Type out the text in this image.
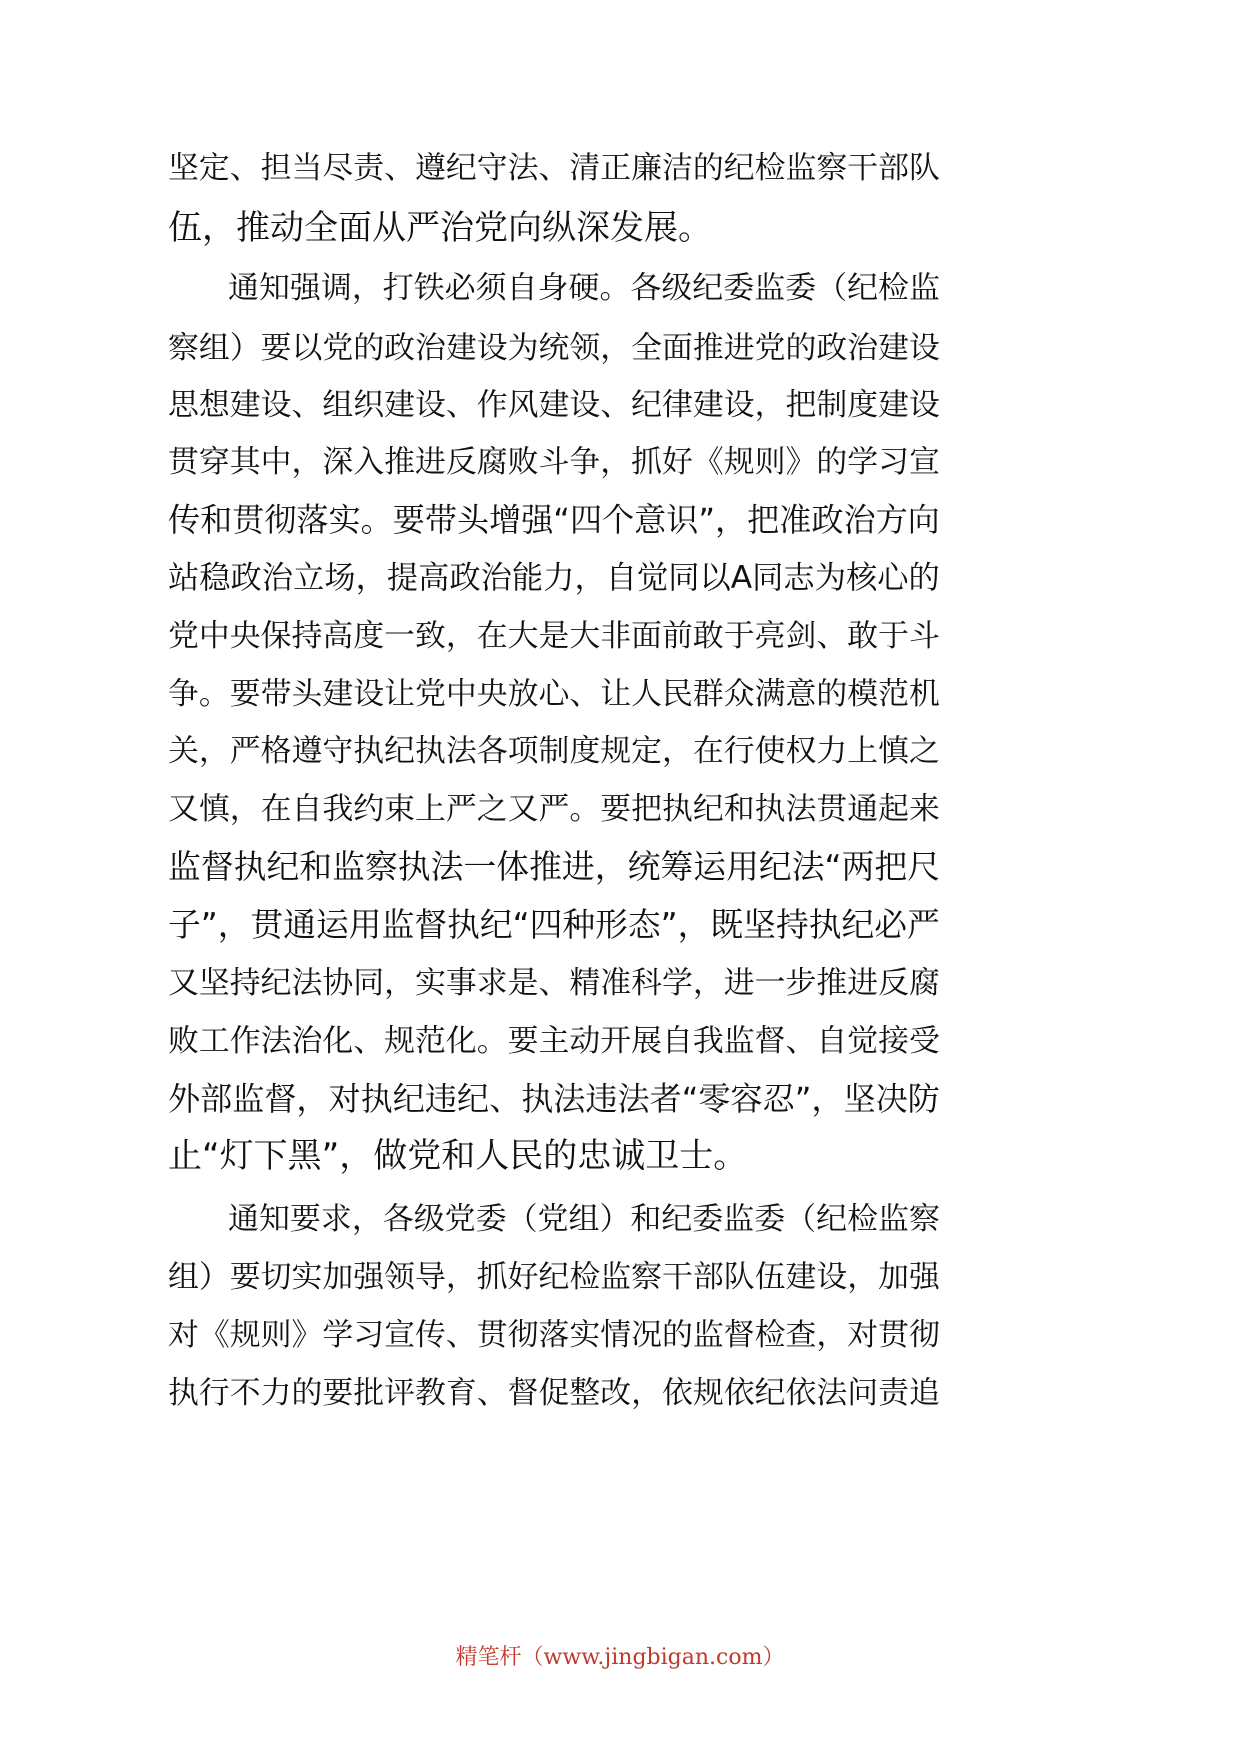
坚定、担当尽责、遵纪守法、清正廉洁的纪检监察干部队
伍，推动全面从严治党向纵深发展。
通知强调，打铁必须自身硬。各级纪委监委（纪检监
察组）要以党的政治建设为统领，全面推进党的政治建设
思想建设、组织建设、作风建设、纪律建设，把制度建设
贯穿其中，深入推进反腐败斗争，抓好《规则》的学习宣
传和贯彻落实。要带头增强“四个意识”，把准政治方向
站稳政治立场，提高政治能力，自觉同以A同志为核心的
党中央保持高度一致，在大是大非面前敢于亮剑、敢于斗
争。要带头建设让党中央放心、让人民群众满意的模范机
关，严格遵守执纪执法各项制度规定，在行使权力上慎之
又慎，在自我约束上严之又严。要把执纪和执法贯通起来
监督执纪和监察执法一体推进，统筹运用纪法“两把尺
子”，贯通运用监督执纪“四种形态”，既坚持执纪必严
又坚持纪法协同，实事求是、精准科学，进一步推进反腐
败工作法治化、规范化。要主动开展自我监督、自觉接受
外部监督，对执纪违纪、执法违法者“零容忍”，坚决防
止“灯下黑”，做党和人民的忠诚卫士。
通知要求，各级党委（党组）和纪委监委（纪检监察
组）要切实加强领导，抓好纪检监察干部队伍建设，加强
对《规则》学习宣传、贯彻落实情况的监督检查，对贯彻
执行不力的要批评教育、督促整改，依规依纪依法问责追
精笔杆（www.jingbigan.com）
